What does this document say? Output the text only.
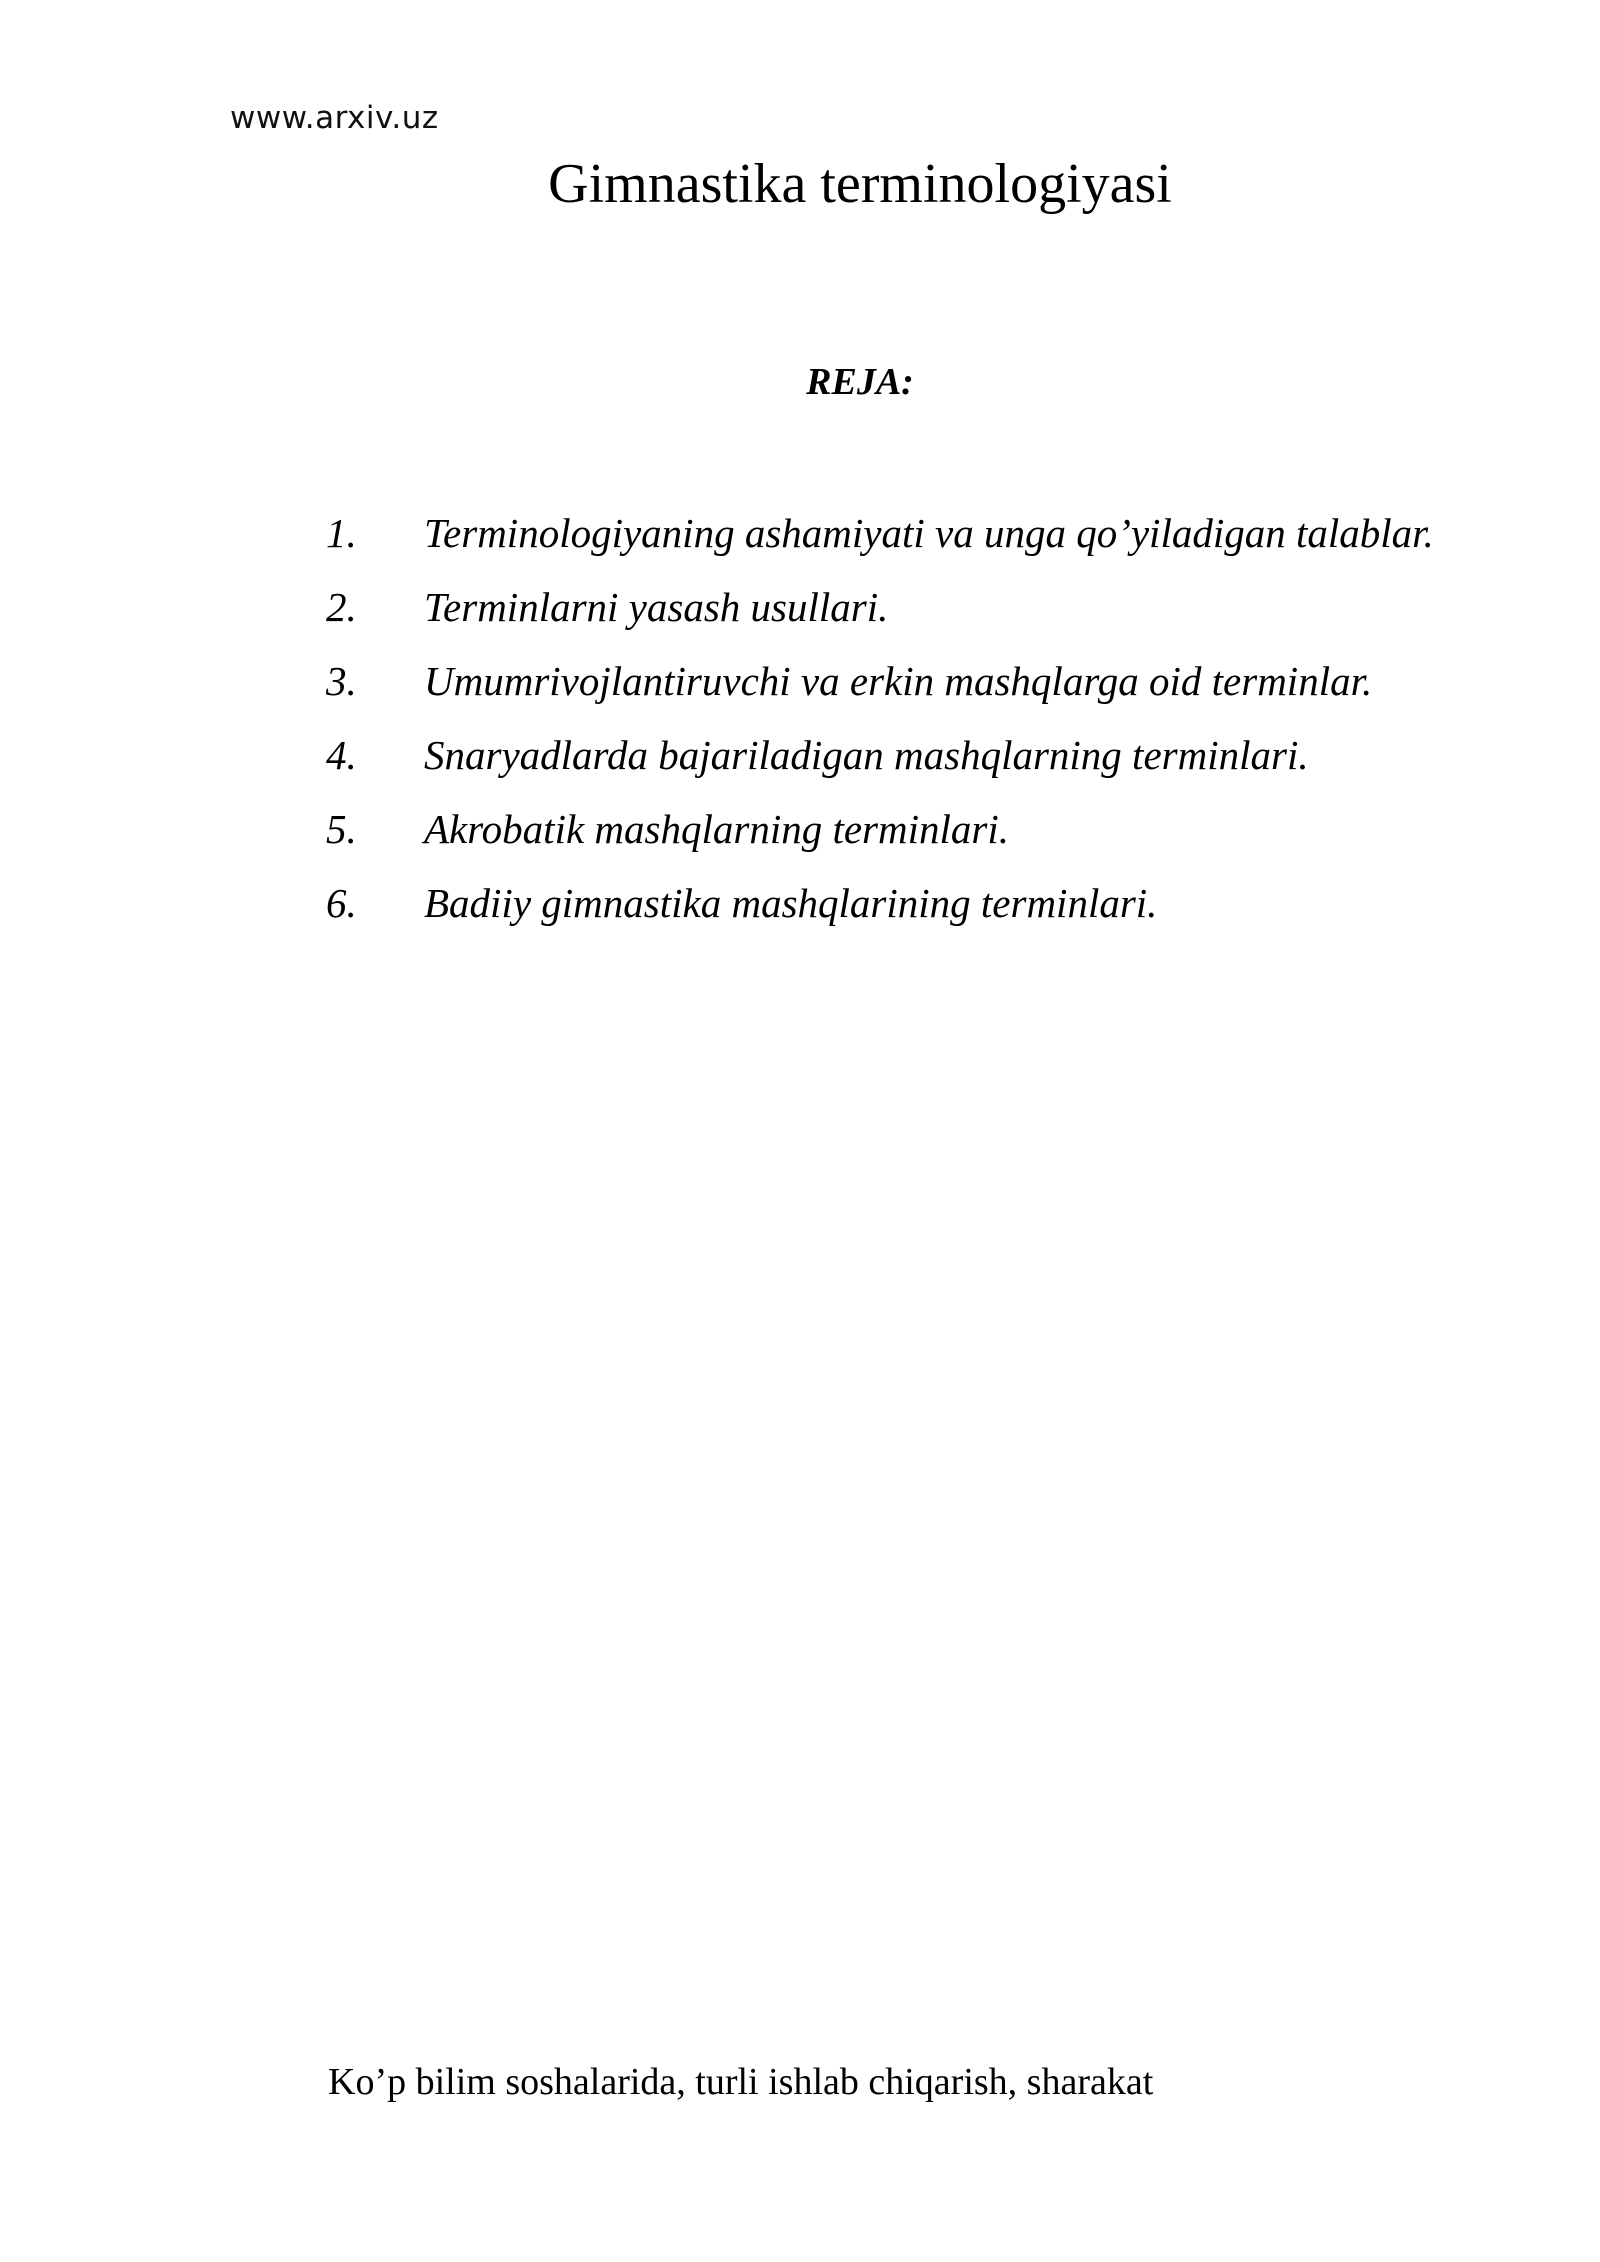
www.arxiv.uz
Gimnastika terminologiyasi
REJA:
1.	Terminologiyaning ashamiyati va unga qo’yiladigan talablar.
2.	Terminlarni yasash usullari.
3.	Umumrivojlantiruvchi va erkin mashqlarga oid terminlar.
4.	Snaryadlarda bajariladigan mashqlarning terminlari.
5.	Akrobatik mashqlarning terminlari.
6.	Badiiy gimnastika mashqlarining terminlari.

Ko’p bilim soshalarida, turli ishlab chiqarish, sharakat
